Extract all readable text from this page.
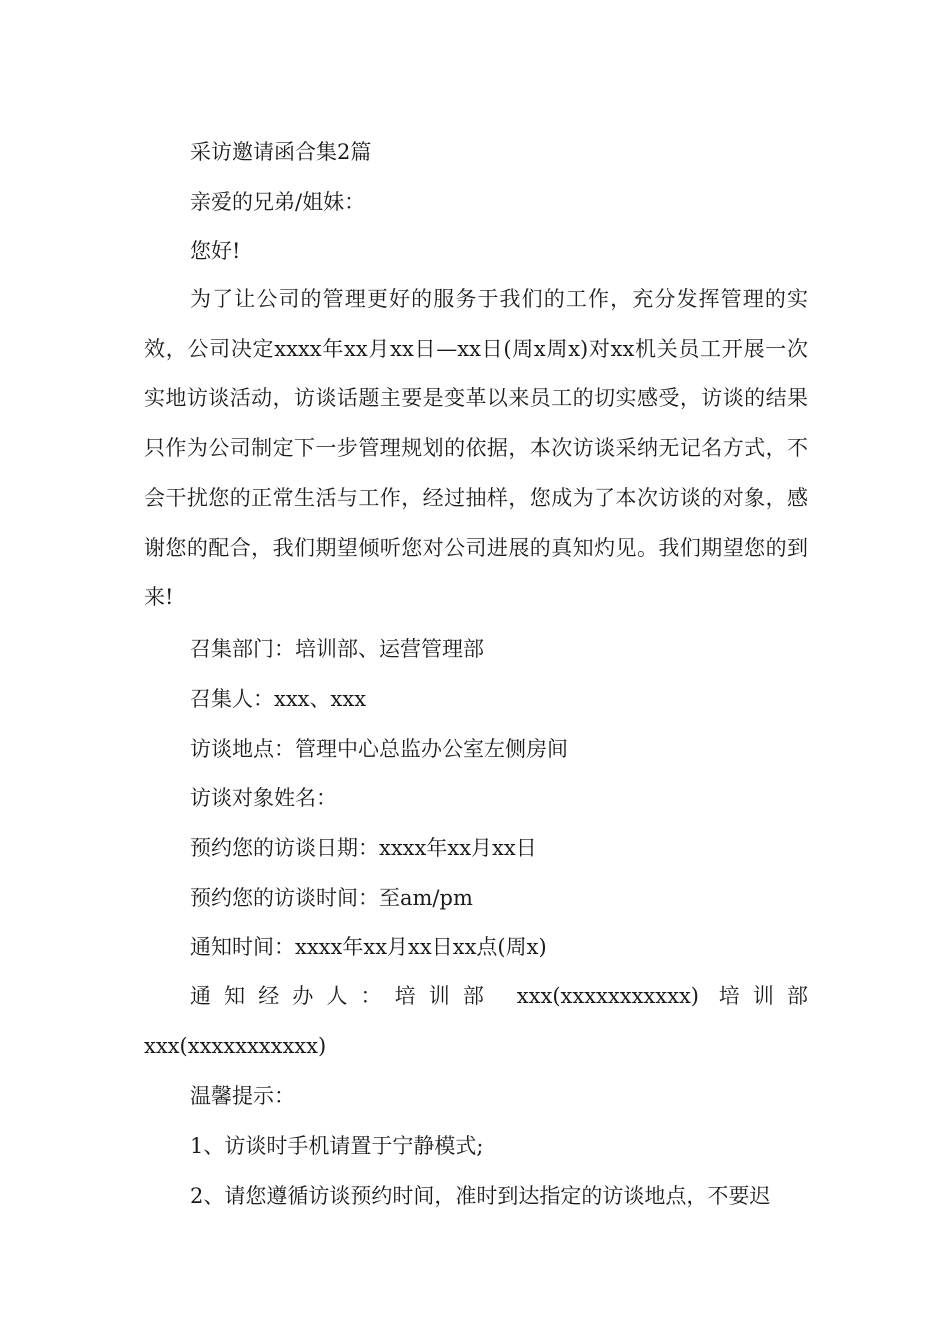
采访邀请函合集2篇

亲爱的兄弟/姐妹：

您好!

为了让公司的管理更好的服务于我们的工作，充分发挥管理的实效，公司决定xxxx年xx月xx日—xx日(周x周x)对xx机关员工开展一次实地访谈活动，访谈话题主要是变革以来员工的切实感受，访谈的结果只作为公司制定下一步管理规划的依据，本次访谈采纳无记名方式，不会干扰您的正常生活与工作，经过抽样，您成为了本次访谈的对象，感谢您的配合，我们期望倾听您对公司进展的真知灼见。我们期望您的到来!

召集部门：培训部、运营管理部

召集人：xxx、xxx

访谈地点：管理中心总监办公室左侧房间

访谈对象姓名：

预约您的访谈日期：xxxx年xx月xx日

预约您的访谈时间：至am/pm

通知时间：xxxx年xx月xx日xx点(周x)

通知经办人：培训部 xxx(xxxxxxxxxxx) 培训部 xxx(xxxxxxxxxxx)

温馨提示：

1、访谈时手机请置于宁静模式;

2、请您遵循访谈预约时间，准时到达指定的访谈地点，不要迟
